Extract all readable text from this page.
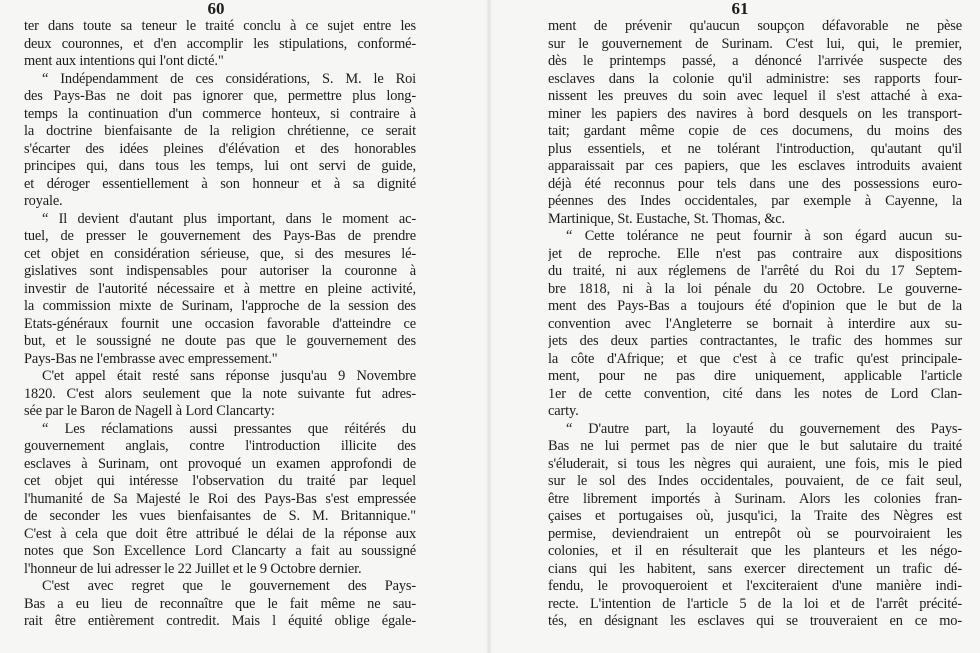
60
ter dans toute sa teneur le traité conclu à ce sujet entre les
deux couronnes, et d'en accomplir les stipulations, conformé-
ment aux intentions qui l'ont dicté."
“ Indépendamment de ces considérations, S. M. le Roi
des Pays-Bas ne doit pas ignorer que, permettre plus long-
temps la continuation d'un commerce honteux, si contraire à
la doctrine bienfaisante de la religion chrétienne, ce serait
s'écarter des idées pleines d'élévation et des honorables
principes qui, dans tous les temps, lui ont servi de guide,
et déroger essentiellement à son honneur et à sa dignité
royale.
“ Il devient d'autant plus important, dans le moment ac-
tuel, de presser le gouvernement des Pays-Bas de prendre
cet objet en considération sérieuse, que, si des mesures lé-
gislatives sont indispensables pour autoriser la couronne à
investir de l'autorité nécessaire et à mettre en pleine activité,
la commission mixte de Surinam, l'approche de la session des
Etats-généraux fournit une occasion favorable d'atteindre ce
but, et le soussigné ne doute pas que le gouvernement des
Pays-Bas ne l'embrasse avec empressement."
C'et appel était resté sans réponse jusqu'au 9 Novembre
1820. C'est alors seulement que la note suivante fut adres-
sée par le Baron de Nagell à Lord Clancarty:
“ Les réclamations aussi pressantes que réitérés du
gouvernement anglais, contre l'introduction illicite des
esclaves à Surinam, ont provoqué un examen approfondi de
cet objet qui intéresse l'observation du traité par lequel
l'humanité de Sa Majesté le Roi des Pays-Bas s'est empressée
de seconder les vues bienfaisantes de S. M. Britannique."
C'est à cela que doit être attribué le délai de la réponse aux
notes que Son Excellence Lord Clancarty a fait au soussigné
l'honneur de lui adresser le 22 Juillet et le 9 Octobre dernier.
C'est avec regret que le gouvernement des Pays-
Bas a eu lieu de reconnaître que le fait même ne sau-
rait être entièrement contredit. Mais l équité oblige égale-
61
ment de prévenir qu'aucun soupçon défavorable ne pèse
sur le gouvernement de Surinam. C'est lui, qui, le premier,
dès le printemps passé, a dénoncé l'arrivée suspecte des
esclaves dans la colonie qu'il administre: ses rapports four-
nissent les preuves du soin avec lequel il s'est attaché à exa-
miner les papiers des navires à bord desquels on les transport-
tait; gardant même copie de ces documens, du moins des
plus essentiels, et ne tolérant l'introduction, qu'autant qu'il
apparaissait par ces papiers, que les esclaves introduits avaient
déjà été reconnus pour tels dans une des possessions euro-
péennes des Indes occidentales, par exemple à Cayenne, la
Martinique, St. Eustache, St. Thomas, &c.
“ Cette tolérance ne peut fournir à son égard aucun su-
jet de reproche. Elle n'est pas contraire aux dispositions
du traité, ni aux réglemens de l'arrêté du Roi du 17 Septem-
bre 1818, ni à la loi pénale du 20 Octobre. Le gouverne-
ment des Pays-Bas a toujours été d'opinion que le but de la
convention avec l'Angleterre se bornait à interdire aux su-
jets des deux parties contractantes, le trafic des hommes sur
la côte d'Afrique; et que c'est à ce trafic qu'est principale-
ment, pour ne pas dire uniquement, applicable l'article
1er de cette convention, cité dans les notes de Lord Clan-
carty.
“ D'autre part, la loyauté du gouvernement des Pays-
Bas ne lui permet pas de nier que le but salutaire du traité
s'éluderait, si tous les nègres qui auraient, une fois, mis le pied
sur le sol des Indes occidentales, pouvaient, de ce fait seul,
être librement importés à Surinam. Alors les colonies fran-
çaises et portugaises où, jusqu'ici, la Traite des Nègres est
permise, deviendraient un entrepôt où se pourvoiraient les
colonies, et il en résulterait que les planteurs et les négo-
cians qui les habitent, sans exercer directement un trafic dé-
fendu, le provoqueroient et l'exciteraient d'une manière indi-
recte. L'intention de l'article 5 de la loi et de l'arrêt précité-
tés, en désignant les esclaves qui se trouveraient en ce mo-
